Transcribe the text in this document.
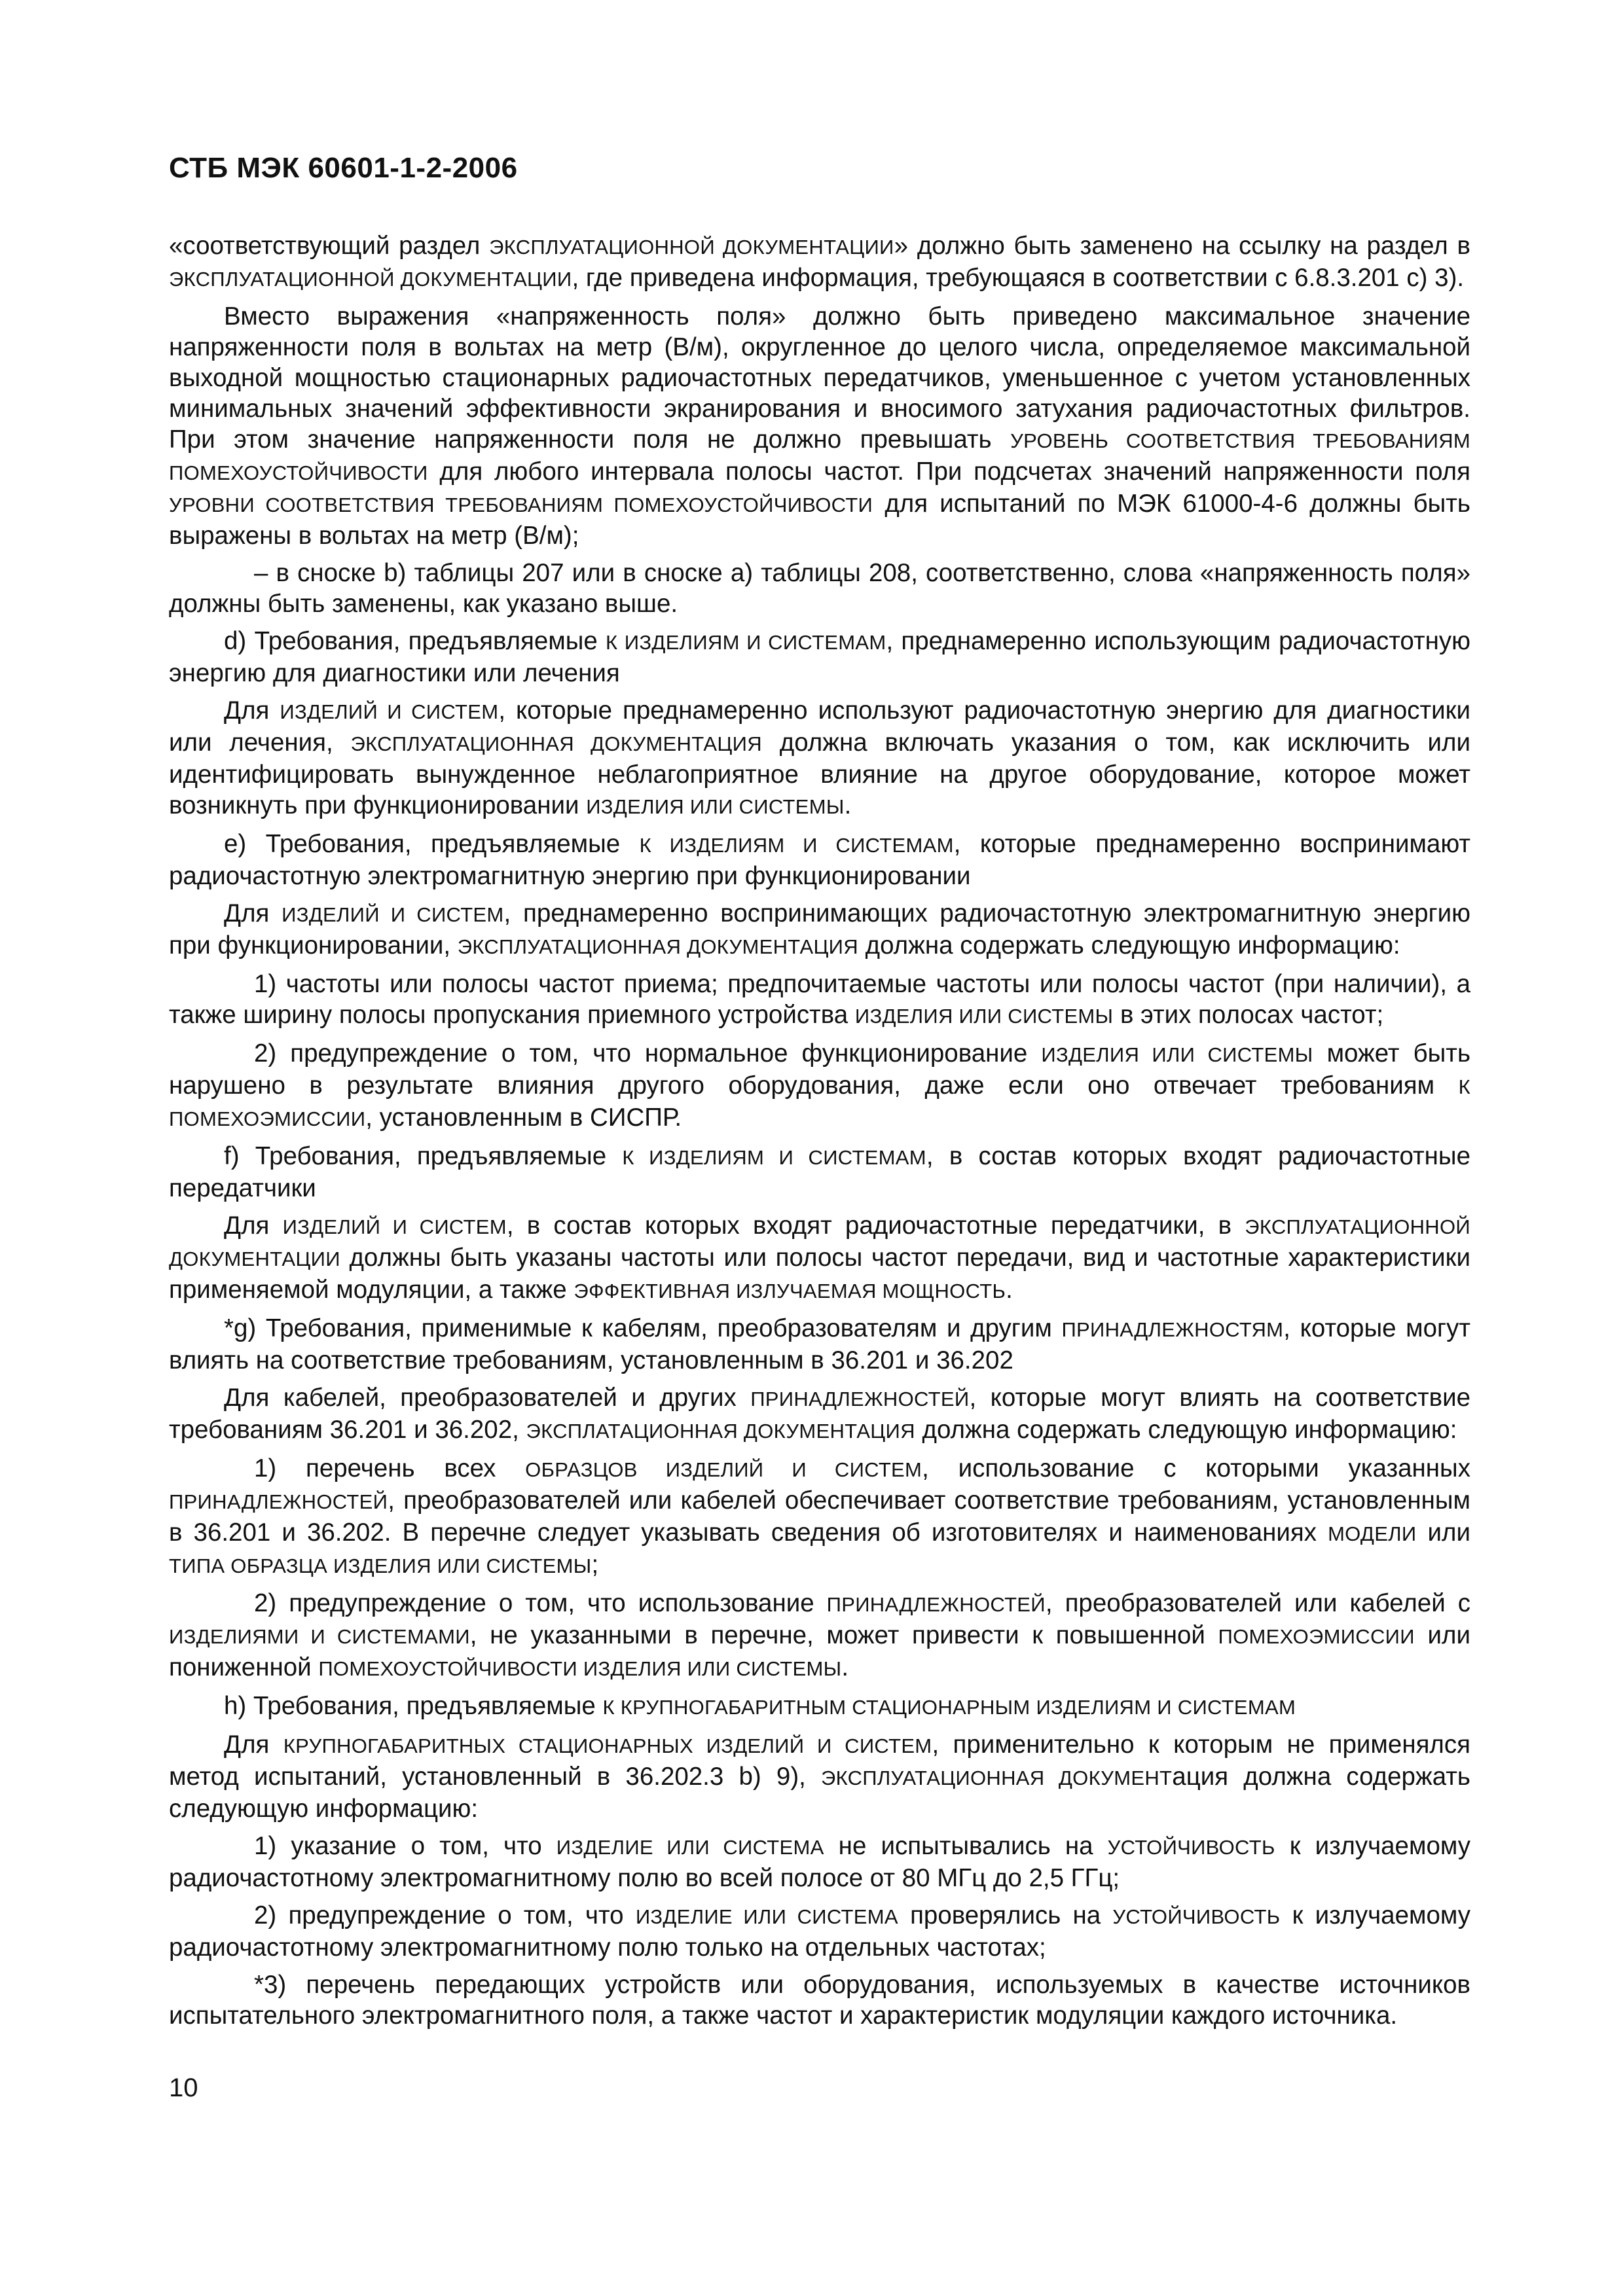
СТБ МЭК 60601-1-2-2006

«соответствующий раздел ЭКСПЛУАТАЦИОННОЙ ДОКУМЕНТАЦИИ» должно быть заменено на ссылку на раздел в ЭКСПЛУАТАЦИОННОЙ ДОКУМЕНТАЦИИ, где приведена информация, требующаяся в соответствии с 6.8.3.201 с) 3).

Вместо выражения «напряженность поля» должно быть приведено максимальное значение напряженности поля в вольтах на метр (В/м), округленное до целого числа, определяемое максимальной выходной мощностью стационарных радиочастотных передатчиков, уменьшенное с учетом установленных минимальных значений эффективности экранирования и вносимого затухания радиочастотных фильтров. При этом значение напряженности поля не должно превышать УРОВЕНЬ СООТВЕТСТВИЯ ТРЕБОВАНИЯМ ПОМЕХОУСТОЙЧИВОСТИ для любого интервала полосы частот. При подсчетах значений напряженности поля УРОВНИ СООТВЕТСТВИЯ ТРЕБОВАНИЯМ ПОМЕХОУСТОЙЧИВОСТИ для испытаний по МЭК 61000-4-6 должны быть выражены в вольтах на метр (В/м);

– в сноске b) таблицы 207 или в сноске а) таблицы 208, соответственно, слова «напряженность поля» должны быть заменены, как указано выше.

d) Требования, предъявляемые К ИЗДЕЛИЯМ И СИСТЕМАМ, преднамеренно использующим радиочастотную энергию для диагностики или лечения

Для ИЗДЕЛИЙ И СИСТЕМ, которые преднамеренно используют радиочастотную энергию для диагностики или лечения, ЭКСПЛУАТАЦИОННАЯ ДОКУМЕНТАЦИЯ должна включать указания о том, как исключить или идентифицировать вынужденное неблагоприятное влияние на другое оборудование, которое может возникнуть при функционировании ИЗДЕЛИЯ ИЛИ СИСТЕМЫ.

е) Требования, предъявляемые К ИЗДЕЛИЯМ И СИСТЕМАМ, которые преднамеренно воспринимают радиочастотную электромагнитную энергию при функционировании

Для ИЗДЕЛИЙ И СИСТЕМ, преднамеренно воспринимающих радиочастотную электромагнитную энергию при функционировании, ЭКСПЛУАТАЦИОННАЯ ДОКУМЕНТАЦИЯ должна содержать следующую информацию:

1) частоты или полосы частот приема; предпочитаемые частоты или полосы частот (при наличии), а также ширину полосы пропускания приемного устройства ИЗДЕЛИЯ ИЛИ СИСТЕМЫ в этих полосах частот;

2) предупреждение о том, что нормальное функционирование ИЗДЕЛИЯ ИЛИ СИСТЕМЫ может быть нарушено в результате влияния другого оборудования, даже если оно отвечает требованиям К ПОМЕХОЭМИССИИ, установленным в СИСПР.

f) Требования, предъявляемые К ИЗДЕЛИЯМ И СИСТЕМАМ, в состав которых входят радиочастотные передатчики

Для ИЗДЕЛИЙ И СИСТЕМ, в состав которых входят радиочастотные передатчики, в ЭКСПЛУАТАЦИОННОЙ ДОКУМЕНТАЦИИ должны быть указаны частоты или полосы частот передачи, вид и частотные характеристики применяемой модуляции, а также ЭФФЕКТИВНАЯ ИЗЛУЧАЕМАЯ МОЩНОСТЬ.

*g) Требования, применимые к кабелям, преобразователям и другим ПРИНАДЛЕЖНОСТЯМ, которые могут влиять на соответствие требованиям, установленным в 36.201 и 36.202

Для кабелей, преобразователей и других ПРИНАДЛЕЖНОСТЕЙ, которые могут влиять на соответствие требованиям 36.201 и 36.202, ЭКСПЛАТАЦИОННАЯ ДОКУМЕНТАЦИЯ должна содержать следующую информацию:

1) перечень всех ОБРАЗЦОВ ИЗДЕЛИЙ И СИСТЕМ, использование с которыми указанных ПРИНАДЛЕЖНОСТЕЙ, преобразователей или кабелей обеспечивает соответствие требованиям, установленным в 36.201 и 36.202. В перечне следует указывать сведения об изготовителях и наименованиях МОДЕЛИ или ТИПА ОБРАЗЦА ИЗДЕЛИЯ ИЛИ СИСТЕМЫ;

2) предупреждение о том, что использование ПРИНАДЛЕЖНОСТЕЙ, преобразователей или кабелей с ИЗДЕЛИЯМИ И СИСТЕМАМИ, не указанными в перечне, может привести к повышенной ПОМЕХОЭМИССИИ или пониженной ПОМЕХОУСТОЙЧИВОСТИ ИЗДЕЛИЯ ИЛИ СИСТЕМЫ.

h) Требования, предъявляемые К КРУПНОГАБАРИТНЫМ СТАЦИОНАРНЫМ ИЗДЕЛИЯМ И СИСТЕМАМ

Для КРУПНОГАБАРИТНЫХ СТАЦИОНАРНЫХ ИЗДЕЛИЙ И СИСТЕМ, применительно к которым не применялся метод испытаний, установленный в 36.202.3 b) 9), ЭКСПЛУАТАЦИОННАЯ ДОКУМЕНТация должна содержать следующую информацию:

1) указание о том, что ИЗДЕЛИЕ ИЛИ СИСТЕМА не испытывались на УСТОЙЧИВОСТЬ к излучаемому радиочастотному электромагнитному полю во всей полосе от 80 МГц до 2,5 ГГц;

2) предупреждение о том, что ИЗДЕЛИЕ ИЛИ СИСТЕМА проверялись на УСТОЙЧИВОСТЬ к излучаемому радиочастотному электромагнитному полю только на отдельных частотах;

*3) перечень передающих устройств или оборудования, используемых в качестве источников испытательного электромагнитного поля, а также частот и характеристик модуляции каждого источника.

10
